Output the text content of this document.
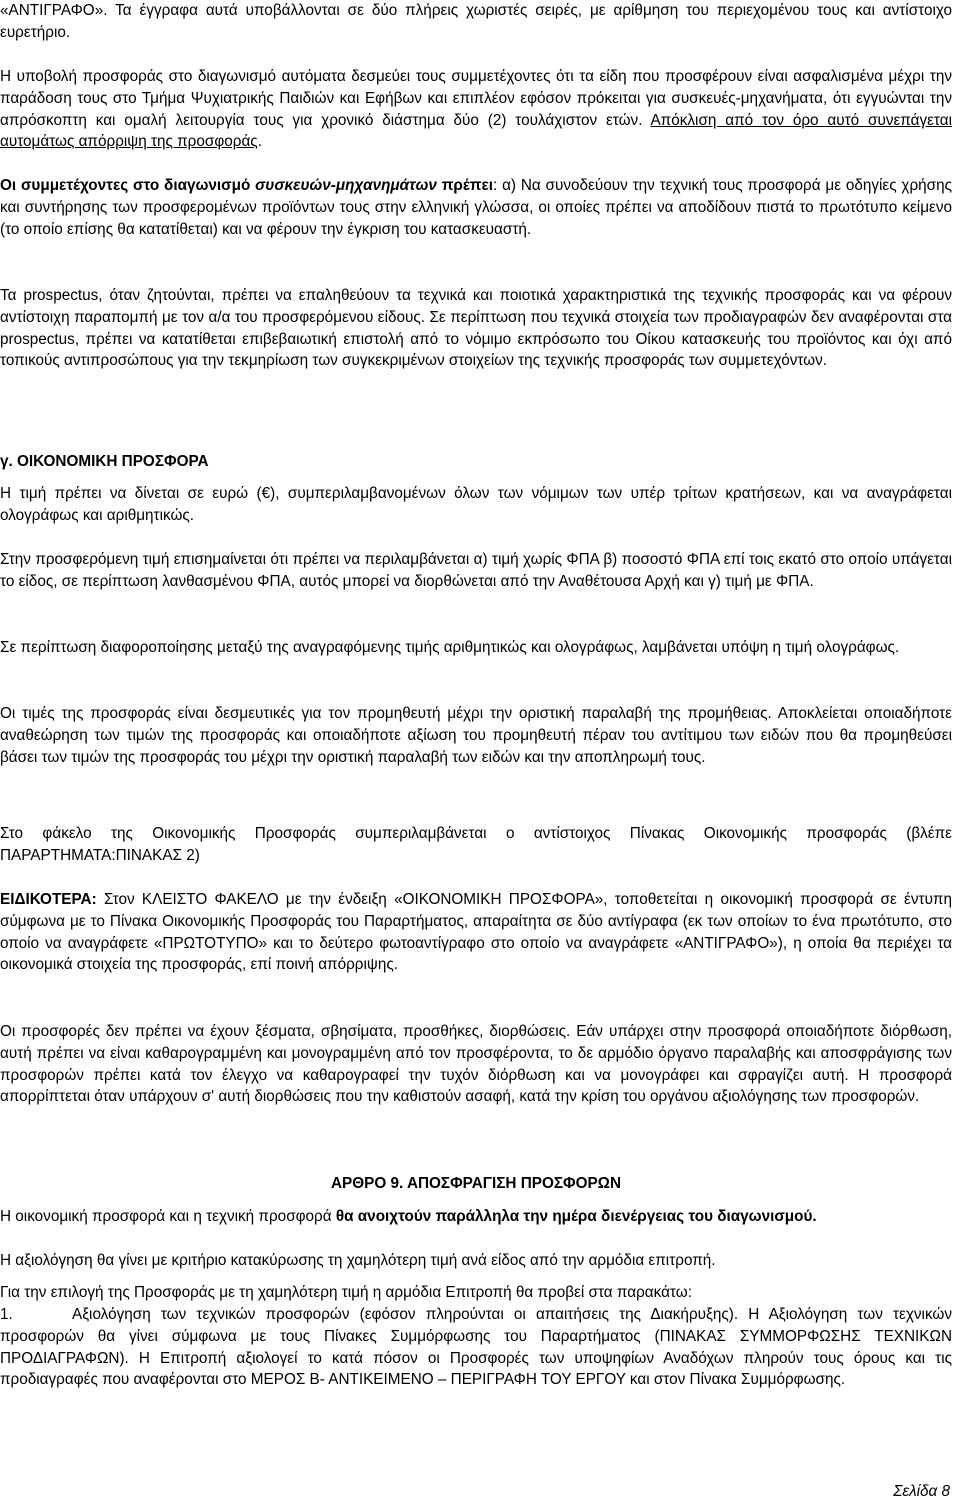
«ΑΝΤΙΓΡΑΦΟ». Τα έγγραφα αυτά υποβάλλονται σε δύο πλήρεις χωριστές σειρές, με αρίθμηση του περιεχομένου τους και αντίστοιχο ευρετήριο.

Η υποβολή προσφοράς στο διαγωνισμό αυτόματα δεσμεύει τους συμμετέχοντες ότι τα είδη που προσφέρουν είναι ασφαλισμένα μέχρι την παράδοση τους στο Τμήμα Ψυχιατρικής Παιδιών και Εφήβων και επιπλέον εφόσον πρόκειται για συσκευές-μηχανήματα, ότι εγγυώνται την απρόσκοπτη και ομαλή λειτουργία τους για χρονικό διάστημα δύο (2) τουλάχιστον ετών. Απόκλιση από τον όρο αυτό συνεπάγεται αυτομάτως απόρριψη της προσφοράς.

Οι συμμετέχοντες στο διαγωνισμό συσκευών-μηχανημάτων πρέπει: α) Να συνοδεύουν την τεχνική τους προσφορά με οδηγίες χρήσης και συντήρησης των προσφερομένων προϊόντων τους στην ελληνική γλώσσα, οι οποίες πρέπει να αποδίδουν πιστά το πρωτότυπο κείμενο (το οποίο επίσης θα κατατίθεται) και να φέρουν την έγκριση του κατασκευαστή.

Τα prospectus, όταν ζητούνται, πρέπει να επαληθεύουν τα τεχνικά και ποιοτικά χαρακτηριστικά της τεχνικής προσφοράς και να φέρουν αντίστοιχη παραπομπή με τον α/α του προσφερόμενου είδους. Σε περίπτωση που τεχνικά στοιχεία των προδιαγραφών δεν αναφέρονται στα prospectus, πρέπει να κατατίθεται επιβεβαιωτική επιστολή από το νόμιμο εκπρόσωπο του Οίκου κατασκευής του προϊόντος και όχι από τοπικούς αντιπροσώπους για την τεκμηρίωση των συγκεκριμένων στοιχείων της τεχνικής προσφοράς των συμμετεχόντων.

γ. ΟΙΚΟΝΟΜΙΚΗ ΠΡΟΣΦΟΡΑ

Η τιμή πρέπει να δίνεται σε ευρώ (€), συμπεριλαμβανομένων όλων των νόμιμων των υπέρ τρίτων κρατήσεων, και να αναγράφεται ολογράφως και αριθμητικώς.

Στην προσφερόμενη τιμή επισημαίνεται ότι πρέπει να περιλαμβάνεται α) τιμή χωρίς ΦΠΑ β) ποσοστό ΦΠΑ επί τοις εκατό στο οποίο υπάγεται το είδος, σε περίπτωση λανθασμένου ΦΠΑ, αυτός μπορεί να διορθώνεται από την Αναθέτουσα Αρχή και γ) τιμή με ΦΠΑ.

Σε περίπτωση διαφοροποίησης μεταξύ της αναγραφόμενης τιμής αριθμητικώς και ολογράφως, λαμβάνεται υπόψη η τιμή ολογράφως.

Οι τιμές της προσφοράς είναι δεσμευτικές για τον προμηθευτή μέχρι την οριστική παραλαβή της προμήθειας. Αποκλείεται οποιαδήποτε αναθεώρηση των τιμών της προσφοράς και οποιαδήποτε αξίωση του προμηθευτή πέραν του αντίτιμου των ειδών που θα προμηθεύσει βάσει των τιμών της προσφοράς του μέχρι την οριστική παραλαβή των ειδών και την αποπληρωμή τους.

Στο φάκελο της Οικονομικής Προσφοράς συμπεριλαμβάνεται ο αντίστοιχος Πίνακας Οικονομικής προσφοράς (βλέπε ΠΑΡΑΡΤΗΜΑΤΑ:ΠΙΝΑΚΑΣ 2)

ΕΙΔΙΚΟΤΕΡΑ: Στον ΚΛΕΙΣΤΟ ΦΑΚΕΛΟ με την ένδειξη «ΟΙΚΟΝΟΜΙΚΗ ΠΡΟΣΦΟΡΑ», τοποθετείται η οικονομική προσφορά σε έντυπη σύμφωνα με το Πίνακα Οικονομικής Προσφοράς του Παραρτήματος, απαραίτητα σε δύο αντίγραφα (εκ των οποίων το ένα πρωτότυπο, στο οποίο να αναγράφετε «ΠΡΩΤΟΤΥΠΟ» και το δεύτερο φωτοαντίγραφο στο οποίο να αναγράφετε «ΑΝΤΙΓΡΑΦΟ»), η οποία θα περιέχει τα οικονομικά στοιχεία της προσφοράς, επί ποινή απόρριψης.

Οι προσφορές δεν πρέπει να έχουν ξέσματα, σβησίματα, προσθήκες, διορθώσεις. Εάν υπάρχει στην προσφορά οποιαδήποτε διόρθωση, αυτή πρέπει να είναι καθαρογραμμένη και μονογραμμένη από τον προσφέροντα, το δε αρμόδιο όργανο παραλαβής και αποσφράγισης των προσφορών πρέπει κατά τον έλεγχο να καθαρογραφεί την τυχόν διόρθωση και να μονογράφει και σφραγίζει αυτή. Η προσφορά απορρίπτεται όταν υπάρχουν σ' αυτή διορθώσεις που την καθιστούν ασαφή, κατά την κρίση του οργάνου αξιολόγησης των προσφορών.

ΑΡΘΡΟ 9. ΑΠΟΣΦΡΑΓΙΣΗ ΠΡΟΣΦΟΡΩΝ

Η οικονομική προσφορά και η τεχνική προσφορά θα ανοιχτούν παράλληλα την ημέρα διενέργειας του διαγωνισμού.

Η αξιολόγηση θα γίνει με κριτήριο κατακύρωσης τη χαμηλότερη τιμή ανά είδος από την αρμόδια επιτροπή.

Για την επιλογή της Προσφοράς με τη χαμηλότερη τιμή η αρμόδια Επιτροπή θα προβεί στα παρακάτω:

1.	Αξιολόγηση των τεχνικών προσφορών (εφόσον πληρούνται οι απαιτήσεις της Διακήρυξης). Η Αξιολόγηση των τεχνικών προσφορών θα γίνει σύμφωνα με τους Πίνακες Συμμόρφωσης του Παραρτήματος (ΠΙΝΑΚΑΣ ΣΥΜΜΟΡΦΩΣΗΣ ΤΕΧΝΙΚΩΝ ΠΡΟΔΙΑΓΡΑΦΩΝ). Η Επιτροπή αξιολογεί το κατά πόσον οι Προσφορές των υποψηφίων Αναδόχων πληρούν τους όρους και τις προδιαγραφές που αναφέρονται στο ΜΕΡΟΣ Β- ΑΝΤΙΚΕΙΜΕΝΟ – ΠΕΡΙΓΡΑΦΗ ΤΟΥ ΕΡΓΟΥ και στον Πίνακα Συμμόρφωσης.
Σελίδα 8
